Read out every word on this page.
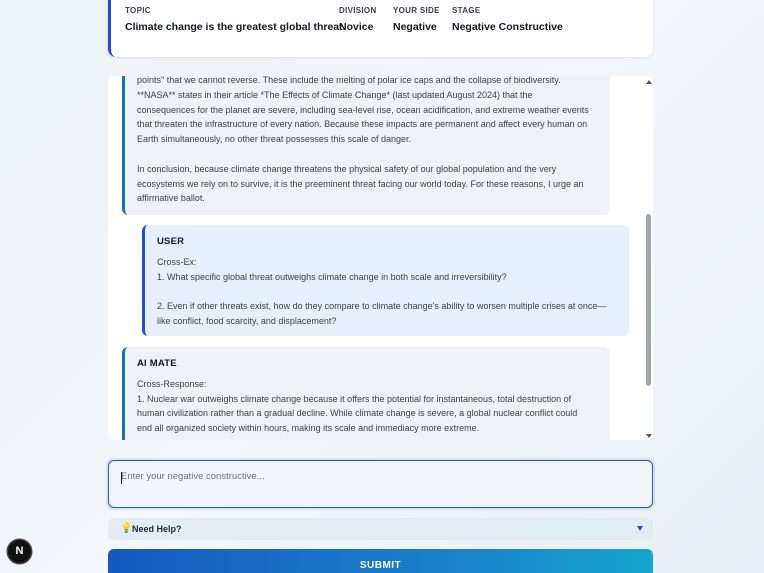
TOPIC
Climate change is the greatest global threat.
DIVISION
Novice
YOUR SIDE
Negative
STAGE
Negative Constructive
points" that we cannot reverse. These include the melting of polar ice caps and the collapse of biodiversity.
**NASA** states in their article *The Effects of Climate Change* (last updated August 2024) that the
consequences for the planet are severe, including sea-level rise, ocean acidification, and extreme weather events
that threaten the infrastructure of every nation. Because these impacts are permanent and affect every human on
Earth simultaneously, no other threat possesses this scale of danger.
In conclusion, because climate change threatens the physical safety of our global population and the very
ecosystems we rely on to survive, it is the preeminent threat facing our world today. For these reasons, I urge an
affirmative ballot.
USER
Cross-Ex:
1. What specific global threat outweighs climate change in both scale and irreversibility?
2. Even if other threats exist, how do they compare to climate change's ability to worsen multiple crises at once—
like conflict, food scarcity, and displacement?
AI MATE
Cross-Response:
1. Nuclear war outweighs climate change because it offers the potential for instantaneous, total destruction of
human civilization rather than a gradual decline. While climate change is severe, a global nuclear conflict could
end all organized society within hours, making its scale and immediacy more extreme.
Enter your negative constructive...
💡 Need Help?
SUBMIT
N
